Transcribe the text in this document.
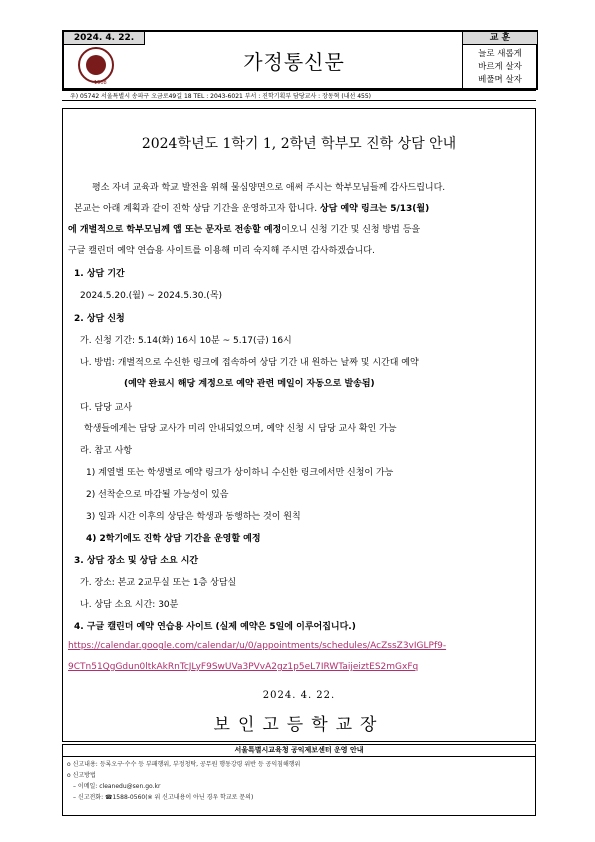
2024. 4. 22.
1908
가정통신문
교 훈
늘로 새롭게
바르게 살자
베풀며 살자
우) 05742 서울특별시 송파구 오금로49길 18 TEL : 2043-6021 부서 : 진학기획부 담당교사 : 장동혁 (내선 455)
2024학년도 1학기 1, 2학년 학부모 진학 상담 안내
평소 자녀 교육과 학교 발전을 위해 물심양면으로 애써 주시는 학부모님들께 감사드립니다.
본교는 아래 계획과 같이 진학 상담 기간을 운영하고자 합니다. 상담 예약 링크는 5/13(월)
에 개별적으로 학부모님께 앱 또는 문자로 전송할 예정이오니 신청 기간 및 신청 방법 등을
구글 캘린더 예약 연습용 사이트를 이용해 미리 숙지해 주시면 감사하겠습니다.
1. 상담 기간
2024.5.20.(월) ~ 2024.5.30.(목)
2. 상담 신청
가. 신청 기간: 5.14(화) 16시 10분 ~ 5.17(금) 16시
나. 방법: 개별적으로 수신한 링크에 접속하여 상담 기간 내 원하는 날짜 및 시간대 예약
(예약 완료시 해당 계정으로 예약 관련 메일이 자동으로 발송됨)
다. 담당 교사
학생들에게는 담당 교사가 미리 안내되었으며, 예약 신청 시 담당 교사 확인 가능
라. 참고 사항
1) 계열별 또는 학생별로 예약 링크가 상이하니 수신한 링크에서만 신청이 가능
2) 선착순으로 마감될 가능성이 있음
3) 일과 시간 이후의 상담은 학생과 동행하는 것이 원칙
4) 2학기에도 진학 상담 기간을 운영할 예정
3. 상담 장소 및 상담 소요 시간
가. 장소: 본교 2교무실 또는 1층 상담실
나. 상담 소요 시간: 30분
4. 구글 캘린더 예약 연습용 사이트 (실제 예약은 5일에 이루어집니다.)
https://calendar.google.com/calendar/u/0/appointments/schedules/AcZssZ3vIGLPf9-
9CTn51QgGdun0ltkAkRnTcJLyF9SwUVa3PVvA2gz1p5eL7IRWTaijeiztES2mGxFq
2024. 4. 22.
보인고등학교장
서울특별시교육청 공익제보센터 운영 안내
o 신고내용: 등록오구·수수 등 부패행위, 부정청탁, 공무원 행동강령 위반 등 공익침해행위
o 신고방법
– 이메일: cleanedu@sen.go.kr
– 신고전화: ☎1588-0560(※ 위 신고내용이 아닌 경우 학교로 문의)
